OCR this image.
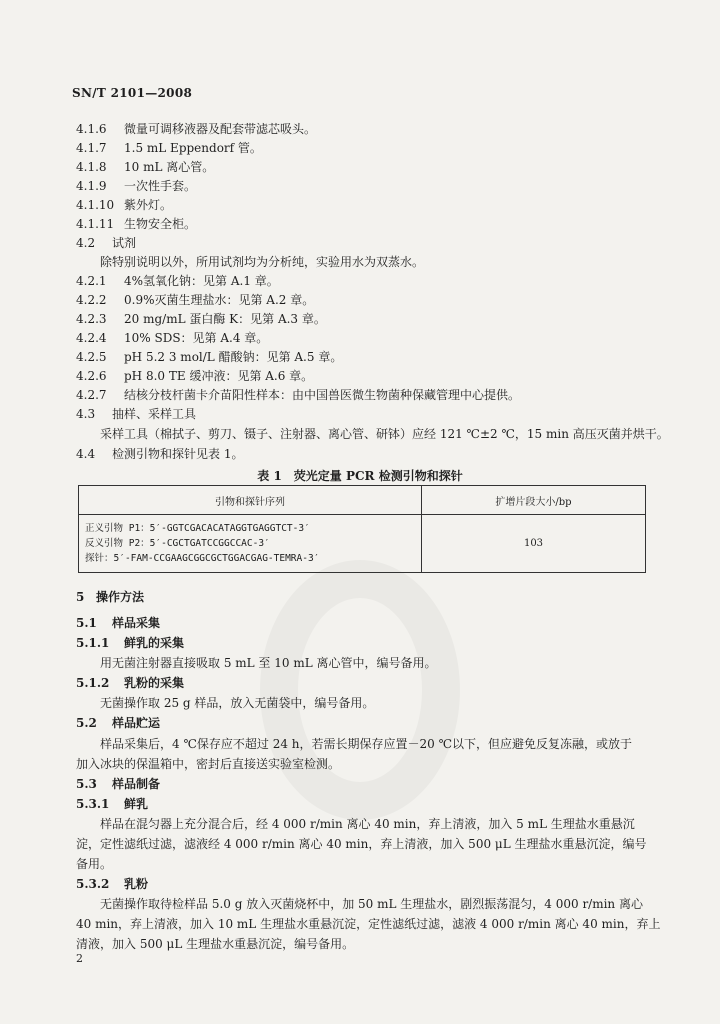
SN/T 2101—2008
4.1.6 微量可调移液器及配套带滤芯吸头。
4.1.7 1.5 mL Eppendorf 管。
4.1.8 10 mL 离心管。
4.1.9 一次性手套。
4.1.10 紫外灯。
4.1.11 生物安全柜。
4.2 试剂
除特别说明以外，所用试剂均为分析纯，实验用水为双蒸水。
4.2.1 4%氢氧化钠：见第 A.1 章。
4.2.2 0.9%灭菌生理盐水：见第 A.2 章。
4.2.3 20 mg/mL 蛋白酶 K：见第 A.3 章。
4.2.4 10% SDS：见第 A.4 章。
4.2.5 pH 5.2 3 mol/L 醋酸钠：见第 A.5 章。
4.2.6 pH 8.0 TE 缓冲液：见第 A.6 章。
4.2.7 结核分枝杆菌卡介苗阳性样本：由中国兽医微生物菌种保藏管理中心提供。
4.3 抽样、采样工具
采样工具（棉拭子、剪刀、镊子、注射器、离心管、研钵）应经 121 ℃±2 ℃，15 min 高压灭菌并烘干。
4.4 检测引物和探针见表 1。
表 1　荧光定量 PCR 检测引物和探针
引物和探针序列	扩增片段大小/bp

正义引物 P1：5′-GGTCGACACATAGGTGAGGTCT-3′
反义引物 P2：5′-CGCTGATCCGGCCAC-3′
探针：5′-FAM-CCGAAGCGGCGCTGGACGAG-TEMRA-3′	103
5 操作方法
5.1 样品采集
5.1.1 鲜乳的采集
用无菌注射器直接吸取 5 mL 至 10 mL 离心管中，编号备用。
5.1.2 乳粉的采集
无菌操作取 25 g 样品，放入无菌袋中，编号备用。
5.2 样品贮运
样品采集后，4 ℃保存应不超过 24 h，若需长期保存应置－20 ℃以下，但应避免反复冻融，或放于
加入冰块的保温箱中，密封后直接送实验室检测。
5.3 样品制备
5.3.1 鲜乳
样品在混匀器上充分混合后，经 4 000 r/min 离心 40 min，弃上清液，加入 5 mL 生理盐水重悬沉
淀，定性滤纸过滤，滤液经 4 000 r/min 离心 40 min，弃上清液，加入 500 μL 生理盐水重悬沉淀，编号
备用。
5.3.2 乳粉
无菌操作取待检样品 5.0 g 放入灭菌烧杯中，加 50 mL 生理盐水，剧烈振荡混匀，4 000 r/min 离心
40 min，弃上清液，加入 10 mL 生理盐水重悬沉淀，定性滤纸过滤，滤液 4 000 r/min 离心 40 min，弃上
清液，加入 500 μL 生理盐水重悬沉淀，编号备用。
2
